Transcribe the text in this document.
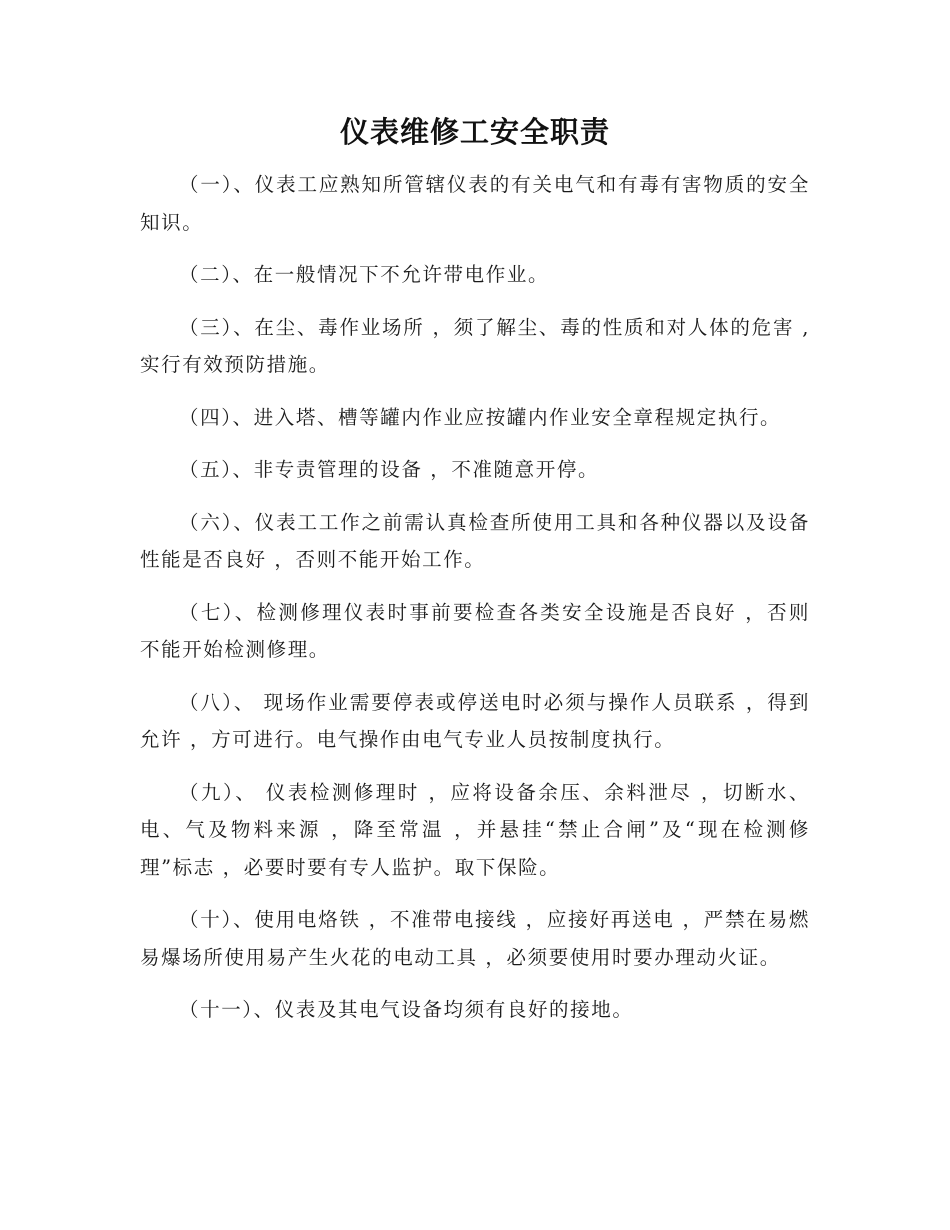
仪表维修工安全职责

（一）、仪表工应熟知所管辖仪表的有关电气和有毒有害物质的安全知识。

（二）、在一般情况下不允许带电作业。

（三）、在尘、毒作业场所 ，须了解尘、毒的性质和对人体的危害 ,实行有效预防措施。

（四）、进入塔、槽等罐内作业应按罐内作业安全章程规定执行。

（五）、非专责管理的设备 ，不准随意开停。

（六）、仪表工工作之前需认真检查所使用工具和各种仪器以及设备性能是否良好 ，否则不能开始工作。

（七）、检测修理仪表时事前要检查各类安全设施是否良好 ，否则不能开始检测修理。

（八）、 现场作业需要停表或停送电时必须与操作人员联系 ，得到允许 ，方可进行。电气操作由电气专业人员按制度执行。

（九）、 仪表检测修理时 ，应将设备余压、余料泄尽 ，切断水、电、气及物料来源 ，降至常温 ，并悬挂“禁止合闸”及“现在检测修理”标志 ，必要时要有专人监护。取下保险。

（十）、使用电烙铁 ，不准带电接线 ，应接好再送电 ，严禁在易燃 易爆场所使用易产生火花的电动工具 ，必须要使用时要办理动火证。

（十一）、仪表及其电气设备均须有良好的接地。
